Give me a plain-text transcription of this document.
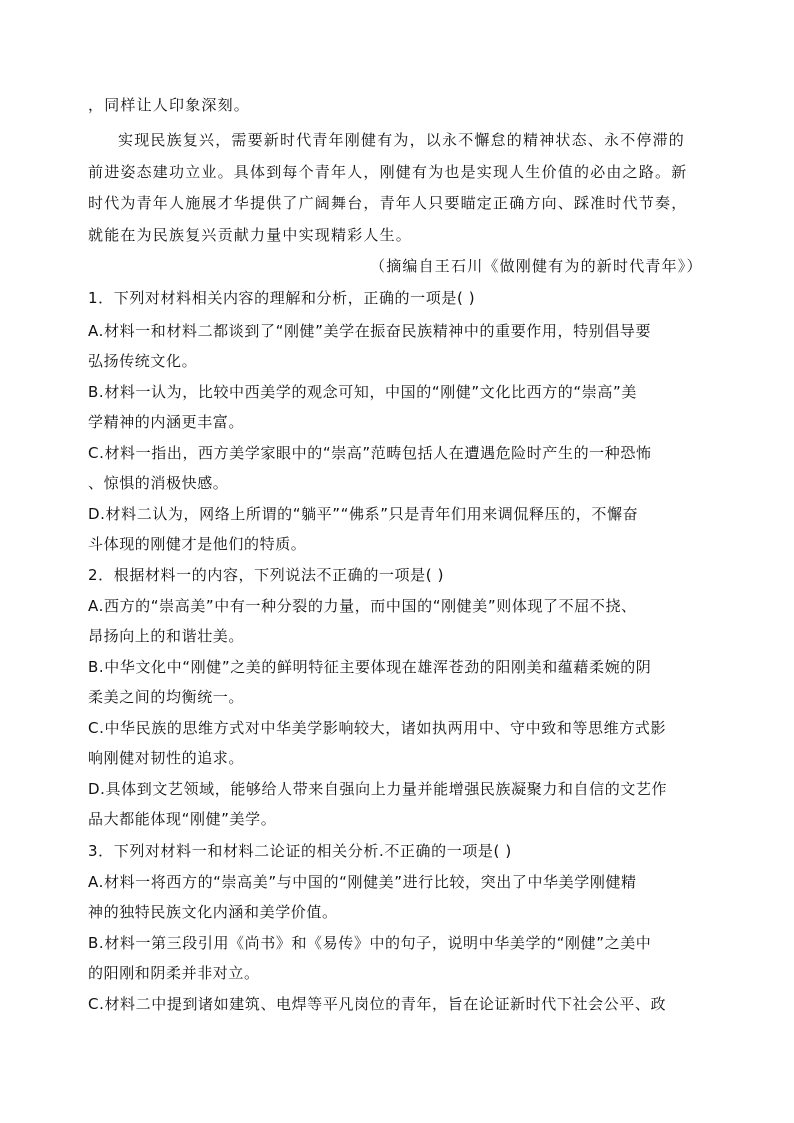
，同样让人印象深刻。
实现民族复兴，需要新时代青年刚健有为，以永不懈怠的精神状态、永不停滞的
前进姿态建功立业。具体到每个青年人，刚健有为也是实现人生价值的必由之路。新
时代为青年人施展才华提供了广阔舞台，青年人只要瞄定正确方向、踩准时代节奏，
就能在为民族复兴贡献力量中实现精彩人生。
（摘编自王石川《做刚健有为的新时代青年》）
1．下列对材料相关内容的理解和分析，正确的一项是( )
A.材料一和材料二都谈到了“刚健”美学在振奋民族精神中的重要作用，特别倡导要
弘扬传统文化。
B.材料一认为，比较中西美学的观念可知，中国的“刚健”文化比西方的“崇高”美
学精神的内涵更丰富。
C.材料一指出，西方美学家眼中的“崇高”范畴包括人在遭遇危险时产生的一种恐怖
、惊惧的消极快感。
D.材料二认为，网络上所谓的“躺平”“佛系”只是青年们用来调侃释压的，不懈奋
斗体现的刚健才是他们的特质。
2．根据材料一的内容，下列说法不正确的一项是( )
A.西方的“崇高美”中有一种分裂的力量，而中国的“刚健美”则体现了不屈不挠、
昂扬向上的和谐壮美。
B.中华文化中“刚健”之美的鲜明特征主要体现在雄浑苍劲的阳刚美和蕴藉柔婉的阴
柔美之间的均衡统一。
C.中华民族的思维方式对中华美学影响较大，诸如执两用中、守中致和等思维方式影
响刚健对韧性的追求。
D.具体到文艺领域，能够给人带来自强向上力量并能增强民族凝聚力和自信的文艺作
品大都能体现“刚健”美学。
3．下列对材料一和材料二论证的相关分析.不正确的一项是( )
A.材料一将西方的“崇高美”与中国的“刚健美”进行比较，突出了中华美学刚健精
神的独特民族文化内涵和美学价值。
B.材料一第三段引用《尚书》和《易传》中的句子，说明中华美学的“刚健”之美中
的阳刚和阴柔并非对立。
C.材料二中提到诸如建筑、电焊等平凡岗位的青年，旨在论证新时代下社会公平、政
